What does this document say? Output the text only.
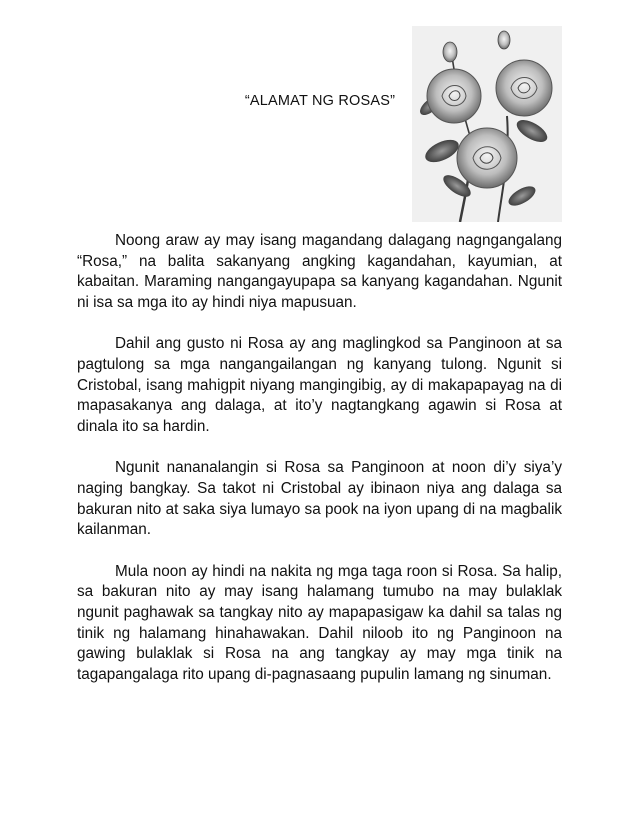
“ALAMAT NG ROSAS”

Noong araw ay may isang magandang dalagang nagngangalang “Rosa,” na balita sakanyang angking kagandahan, kayumian, at kabaitan. Maraming nangangayupapa sa kanyang kagandahan. Ngunit ni isa sa mga ito ay hindi niya mapusuan.

Dahil ang gusto ni Rosa ay ang maglingkod sa Panginoon at sa pagtulong sa mga nangangailangan ng kanyang tulong. Ngunit si Cristobal, isang mahigpit niyang mangingibig, ay di makapapayag na di mapasakanya ang dalaga, at ito’y nagtangkang agawin si Rosa at dinala ito sa hardin.

Ngunit nananalangin si Rosa sa Panginoon at noon di’y siya’y naging bangkay. Sa takot ni Cristobal ay ibinaon niya ang dalaga sa bakuran nito at saka siya lumayo sa pook na iyon upang di na magbalik kailanman.

Mula noon ay hindi na nakita ng mga taga roon si Rosa. Sa halip, sa bakuran nito ay may isang halamang tumubo na may bulaklak ngunit paghawak sa tangkay nito ay mapapasigaw ka dahil sa talas ng tinik ng halamang hinahawakan. Dahil niloob ito ng Panginoon na gawing bulaklak si Rosa na ang tangkay ay may mga tinik na tagapangalaga rito upang di-pagnasaang pupulin lamang ng sinuman.
